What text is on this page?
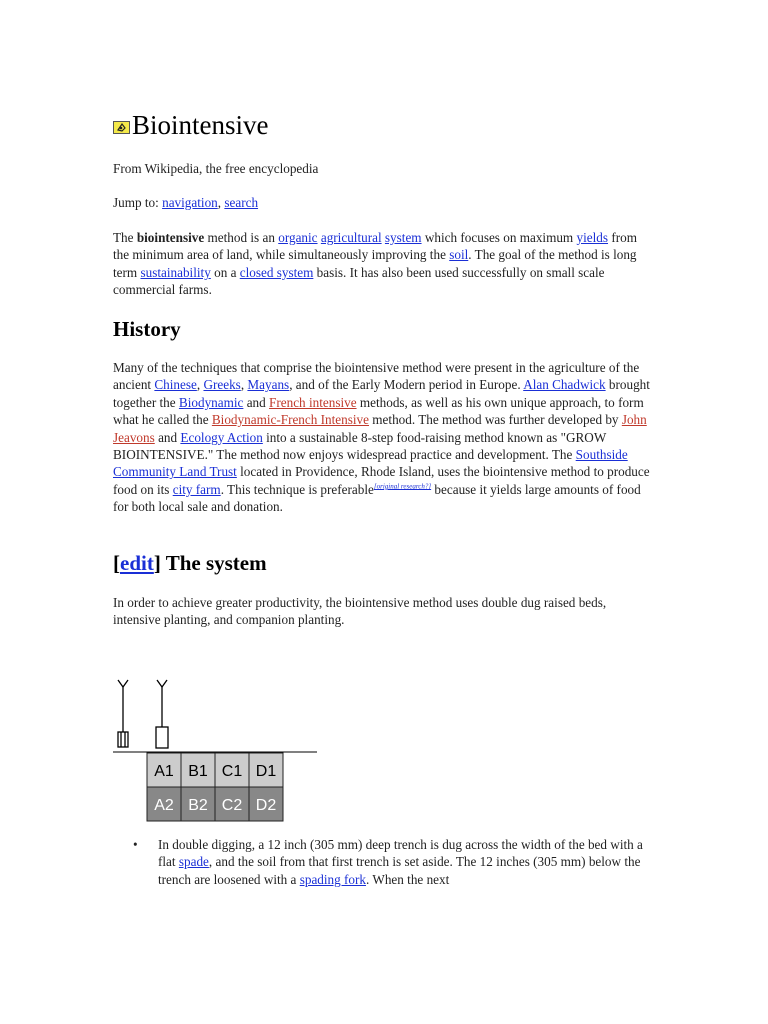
Biointensive

From Wikipedia, the free encyclopedia

Jump to: navigation, search

The biointensive method is an organic agricultural system which focuses on maximum yields from the minimum area of land, while simultaneously improving the soil. The goal of the method is long term sustainability on a closed system basis. It has also been used successfully on small scale commercial farms.

History

Many of the techniques that comprise the biointensive method were present in the agriculture of the ancient Chinese, Greeks, Mayans, and of the Early Modern period in Europe. Alan Chadwick brought together the Biodynamic and French intensive methods, as well as his own unique approach, to form what he called the Biodynamic-French Intensive method. The method was further developed by John Jeavons and Ecology Action into a sustainable 8-step food-raising method known as "GROW BIOINTENSIVE." The method now enjoys widespread practice and development. The Southside Community Land Trust located in Providence, Rhode Island, uses the biointensive method to produce food on its city farm. This technique is preferable[original research?] because it yields large amounts of food for both local sale and donation.

[edit] The system

In order to achieve greater productivity, the biointensive method uses double dug raised beds, intensive planting, and companion planting.

A1 B1 C1 D1
A2 B2 C2 D2
• In double digging, a 12 inch (305 mm) deep trench is dug across the width of the bed with a flat spade, and the soil from that first trench is set aside. The 12 inches (305 mm) below the trench are loosened with a spading fork. When the next
